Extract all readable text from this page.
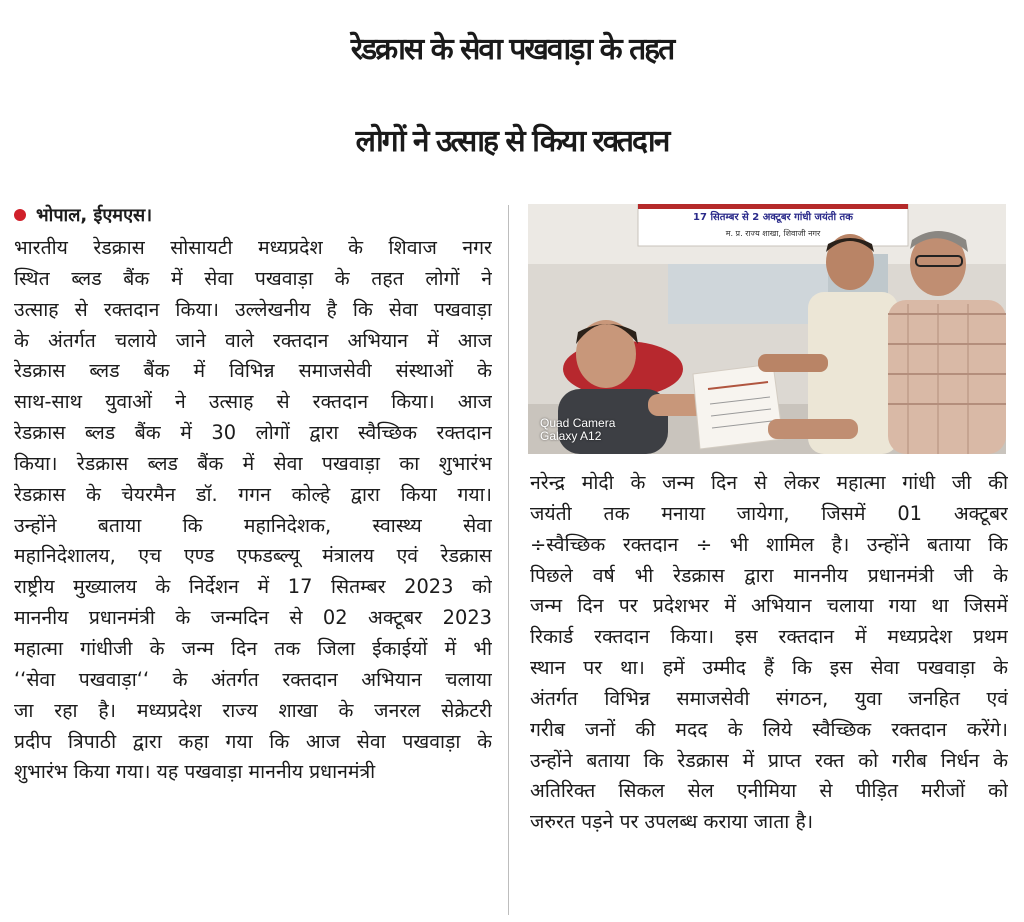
रेडक्रास के सेवा पखवाड़ा के तहत
लोगों ने उत्साह से किया रक्तदान
भोपाल, ईएमएस।
भारतीय रेडक्रास सोसायटी मध्यप्रदेश के शिवाज नगर
स्थित ब्लड बैंक में सेवा पखवाड़ा के तहत लोगों ने
उत्साह से रक्तदान किया। उल्लेखनीय है कि सेवा पखवाड़ा
के अंतर्गत चलाये जाने वाले रक्तदान अभियान में आज
रेडक्रास ब्लड बैंक में विभिन्न समाजसेवी संस्थाओं के
साथ-साथ युवाओं ने उत्साह से रक्तदान किया। आज
रेडक्रास ब्लड बैंक में 30 लोगों द्वारा स्वैच्छिक रक्तदान
किया। रेडक्रास ब्लड बैंक में सेवा पखवाड़ा का शुभारंभ
रेडक्रास के चेयरमैन डॉ. गगन कोल्हे द्वारा किया गया।
उन्होंने बताया कि महानिदेशक, स्वास्थ्य सेवा
महानिदेशालय, एच एण्ड एफडब्ल्यू मंत्रालय एवं रेडक्रास
राष्ट्रीय मुख्यालय के निर्देशन में 17 सितम्बर 2023 को
माननीय प्रधानमंत्री के जन्मदिन से 02 अक्टूबर 2023
महात्मा गांधीजी के जन्म दिन तक जिला ईकाईयों में भी
‘‘सेवा पखवाड़ा‘‘ के अंतर्गत रक्तदान अभियान चलाया
जा रहा है। मध्यप्रदेश राज्य शाखा के जनरल सेक्रेटरी
प्रदीप त्रिपाठी द्वारा कहा गया कि आज सेवा पखवाड़ा के
शुभारंभ किया गया। यह पखवाड़ा माननीय प्रधानमंत्री
17 सितम्बर से 2 अक्टूबर गांधी जयंती तक
म. प्र. राज्य शाखा, शिवाजी नगर
Quad Camera
Galaxy A12
नरेन्द्र मोदी के जन्म दिन से लेकर महात्मा गांधी जी की
जयंती तक मनाया जायेगा, जिसमें 01 अक्टूबर
÷स्वैच्छिक रक्तदान ÷ भी शामिल है। उन्होंने बताया कि
पिछले वर्ष भी रेडक्रास द्वारा माननीय प्रधानमंत्री जी के
जन्म दिन पर प्रदेशभर में अभियान चलाया गया था जिसमें
रिकार्ड रक्तदान किया। इस रक्तदान में मध्यप्रदेश प्रथम
स्थान पर था। हमें उम्मीद हैं कि इस सेवा पखवाड़ा के
अंतर्गत विभिन्न समाजसेवी संगठन, युवा जनहित एवं
गरीब जनों की मदद के लिये स्वैच्छिक रक्तदान करेंगे।
उन्होंने बताया कि रेडक्रास में प्राप्त रक्त को गरीब निर्धन के
अतिरिक्त सिकल सेल एनीमिया से पीड़ित मरीजों को
जरुरत पड़ने पर उपलब्ध कराया जाता है।
